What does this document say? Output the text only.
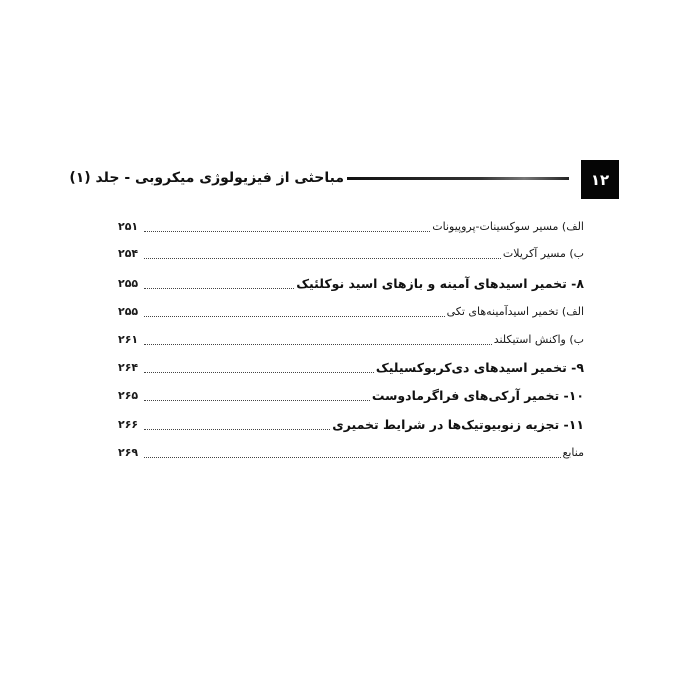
۱۲
مباحثی از فیزیولوژی میکروبی - جلد (۱)
الف) مسیر سوکسینات-پروپیونات
۲۵۱
ب) مسیر آکریلات
۲۵۴
۸- تخمیر اسیدهای آمینه و بازهای اسید نوکلئیک
۲۵۵
الف) تخمیر اسیدآمینه‌های تکی
۲۵۵
ب) واکنش استیکلند
۲۶۱
۹- تخمیر اسیدهای دی‌کربوکسیلیک
۲۶۴
۱۰- تخمیر آرکی‌های فراگرمادوست
۲۶۵
۱۱- تجزیه زنوبیوتیک‌ها در شرایط تخمیری
۲۶۶
منابع
۲۶۹
